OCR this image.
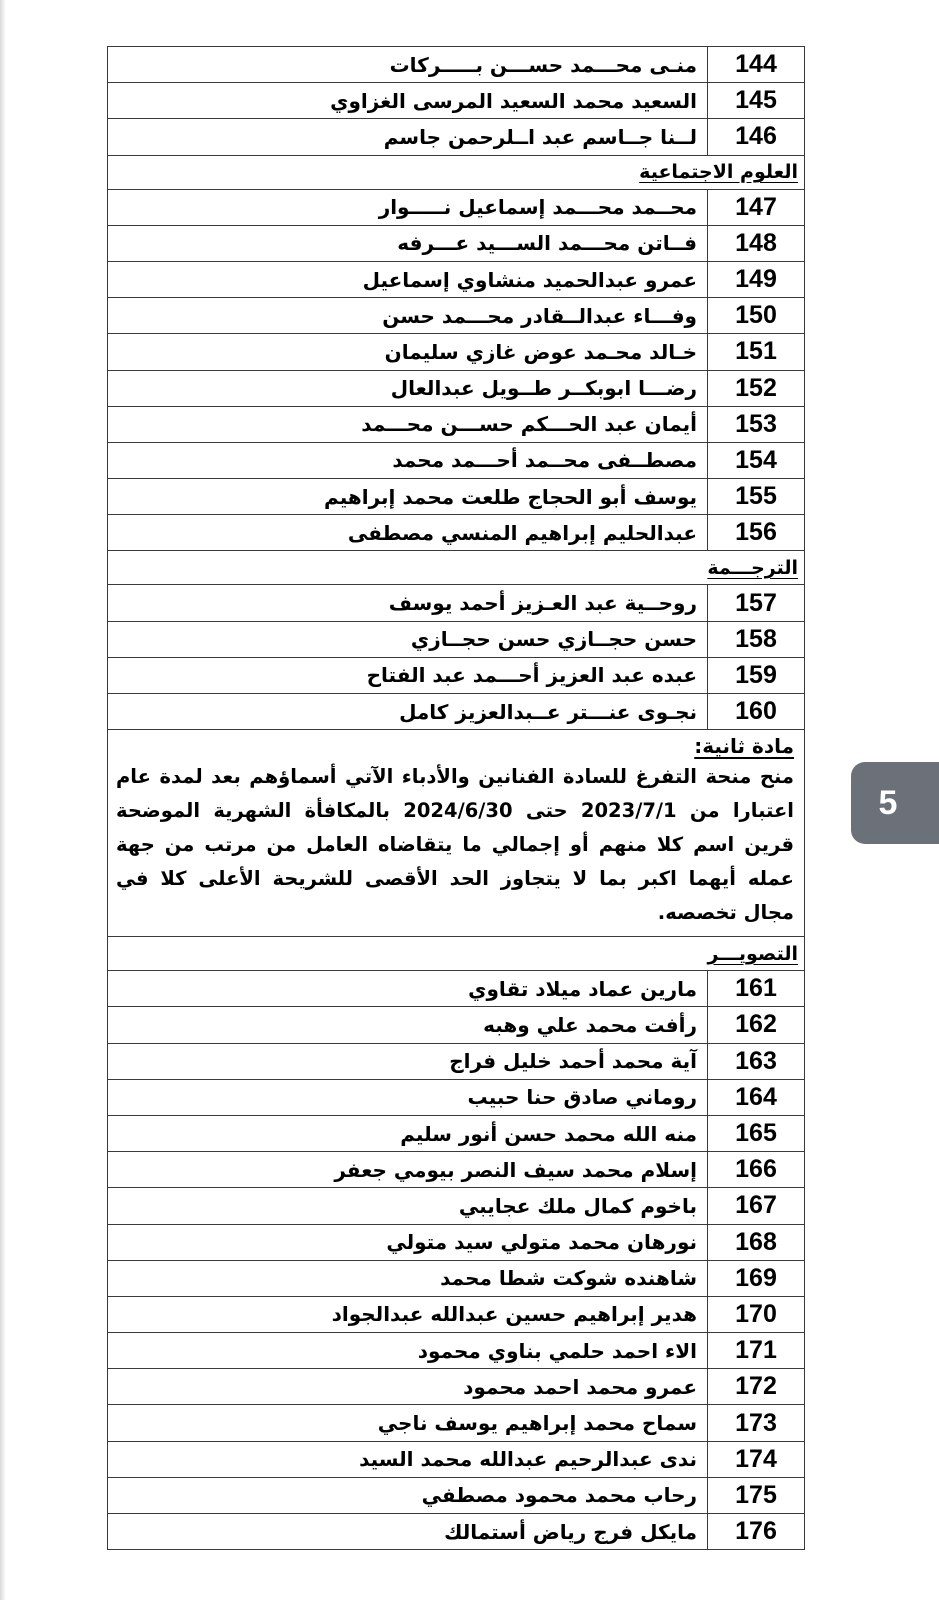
144	منـى محـــمد حســـن بـــــركات
145	السعيد محمد السعيد المرسى الغزاوي
146	لــنا جــاسم عبد اــلرحمن جاسم
العلوم الاجتماعية	
147	محــمد محـــمد إسماعيل نـــــوار
148	فــاتن محـــمد الســـيد عـــرفه
149	عمرو عبدالحميد منشاوي إسماعيل
150	وفـــاء عبدالــقادر محـــمد حسن
151	خـالد محـمد عوض غازي سليمان
152	رضـــا ابوبكــر طــويل عبدالعال
153	أيمان عبد الحـــكم حســـن محـــمد
154	مصطــفى محــمد أحـــمد محمد
155	يوسف أبو الحجاج طلعت محمد إبراهيم
156	عبدالحليم إبراهيم المنسي مصطفى
الترجـــمة	
157	روحــية عبد العـزيز أحمد يوسف
158	حسن حجــازي حسن حجــازي
159	عبده عبد العزيز أحـــمد عبد الفتاح
160	نجـوى عنـــتر عــبدالعزيز كامل

مادة ثانية:
منح منحة التفرغ للسادة الفنانين والأدباء الآتي أسماؤهم بعد لمدة عام اعتبارا من 2023/7/1 حتى 2024/6/30 بالمكافأة الشهرية الموضحة قرين اسم كلا منهم أو إجمالي ما يتقاضاه العامل من مرتب من جهة عمله أيهما اكبر بما لا يتجاوز الحد الأقصى للشريحة الأعلى كلا في مجال تخصصه.	

التصويـــر	
161	مارين عماد ميلاد تقاوي
162	رأفت محمد علي وهبه
163	آية محمد أحمد خليل فراج
164	روماني صادق حنا حبيب
165	منه الله محمد حسن أنور سليم
166	إسلام محمد سيف النصر بيومي جعفر
167	باخوم كمال ملك عجايبي
168	نورهان محمد متولي سيد متولي
169	شاهنده شوكت شطا محمد
170	هدير إبراهيم حسين عبدالله عبدالجواد
171	الاء احمد حلمي بناوي محمود
172	عمرو محمد احمد محمود
173	سماح محمد إبراهيم يوسف ناجي
174	ندى عبدالرحيم عبدالله محمد السيد
175	رحاب محمد محمود مصطفي
176	مايكل فرج رياض أستمالك
5
